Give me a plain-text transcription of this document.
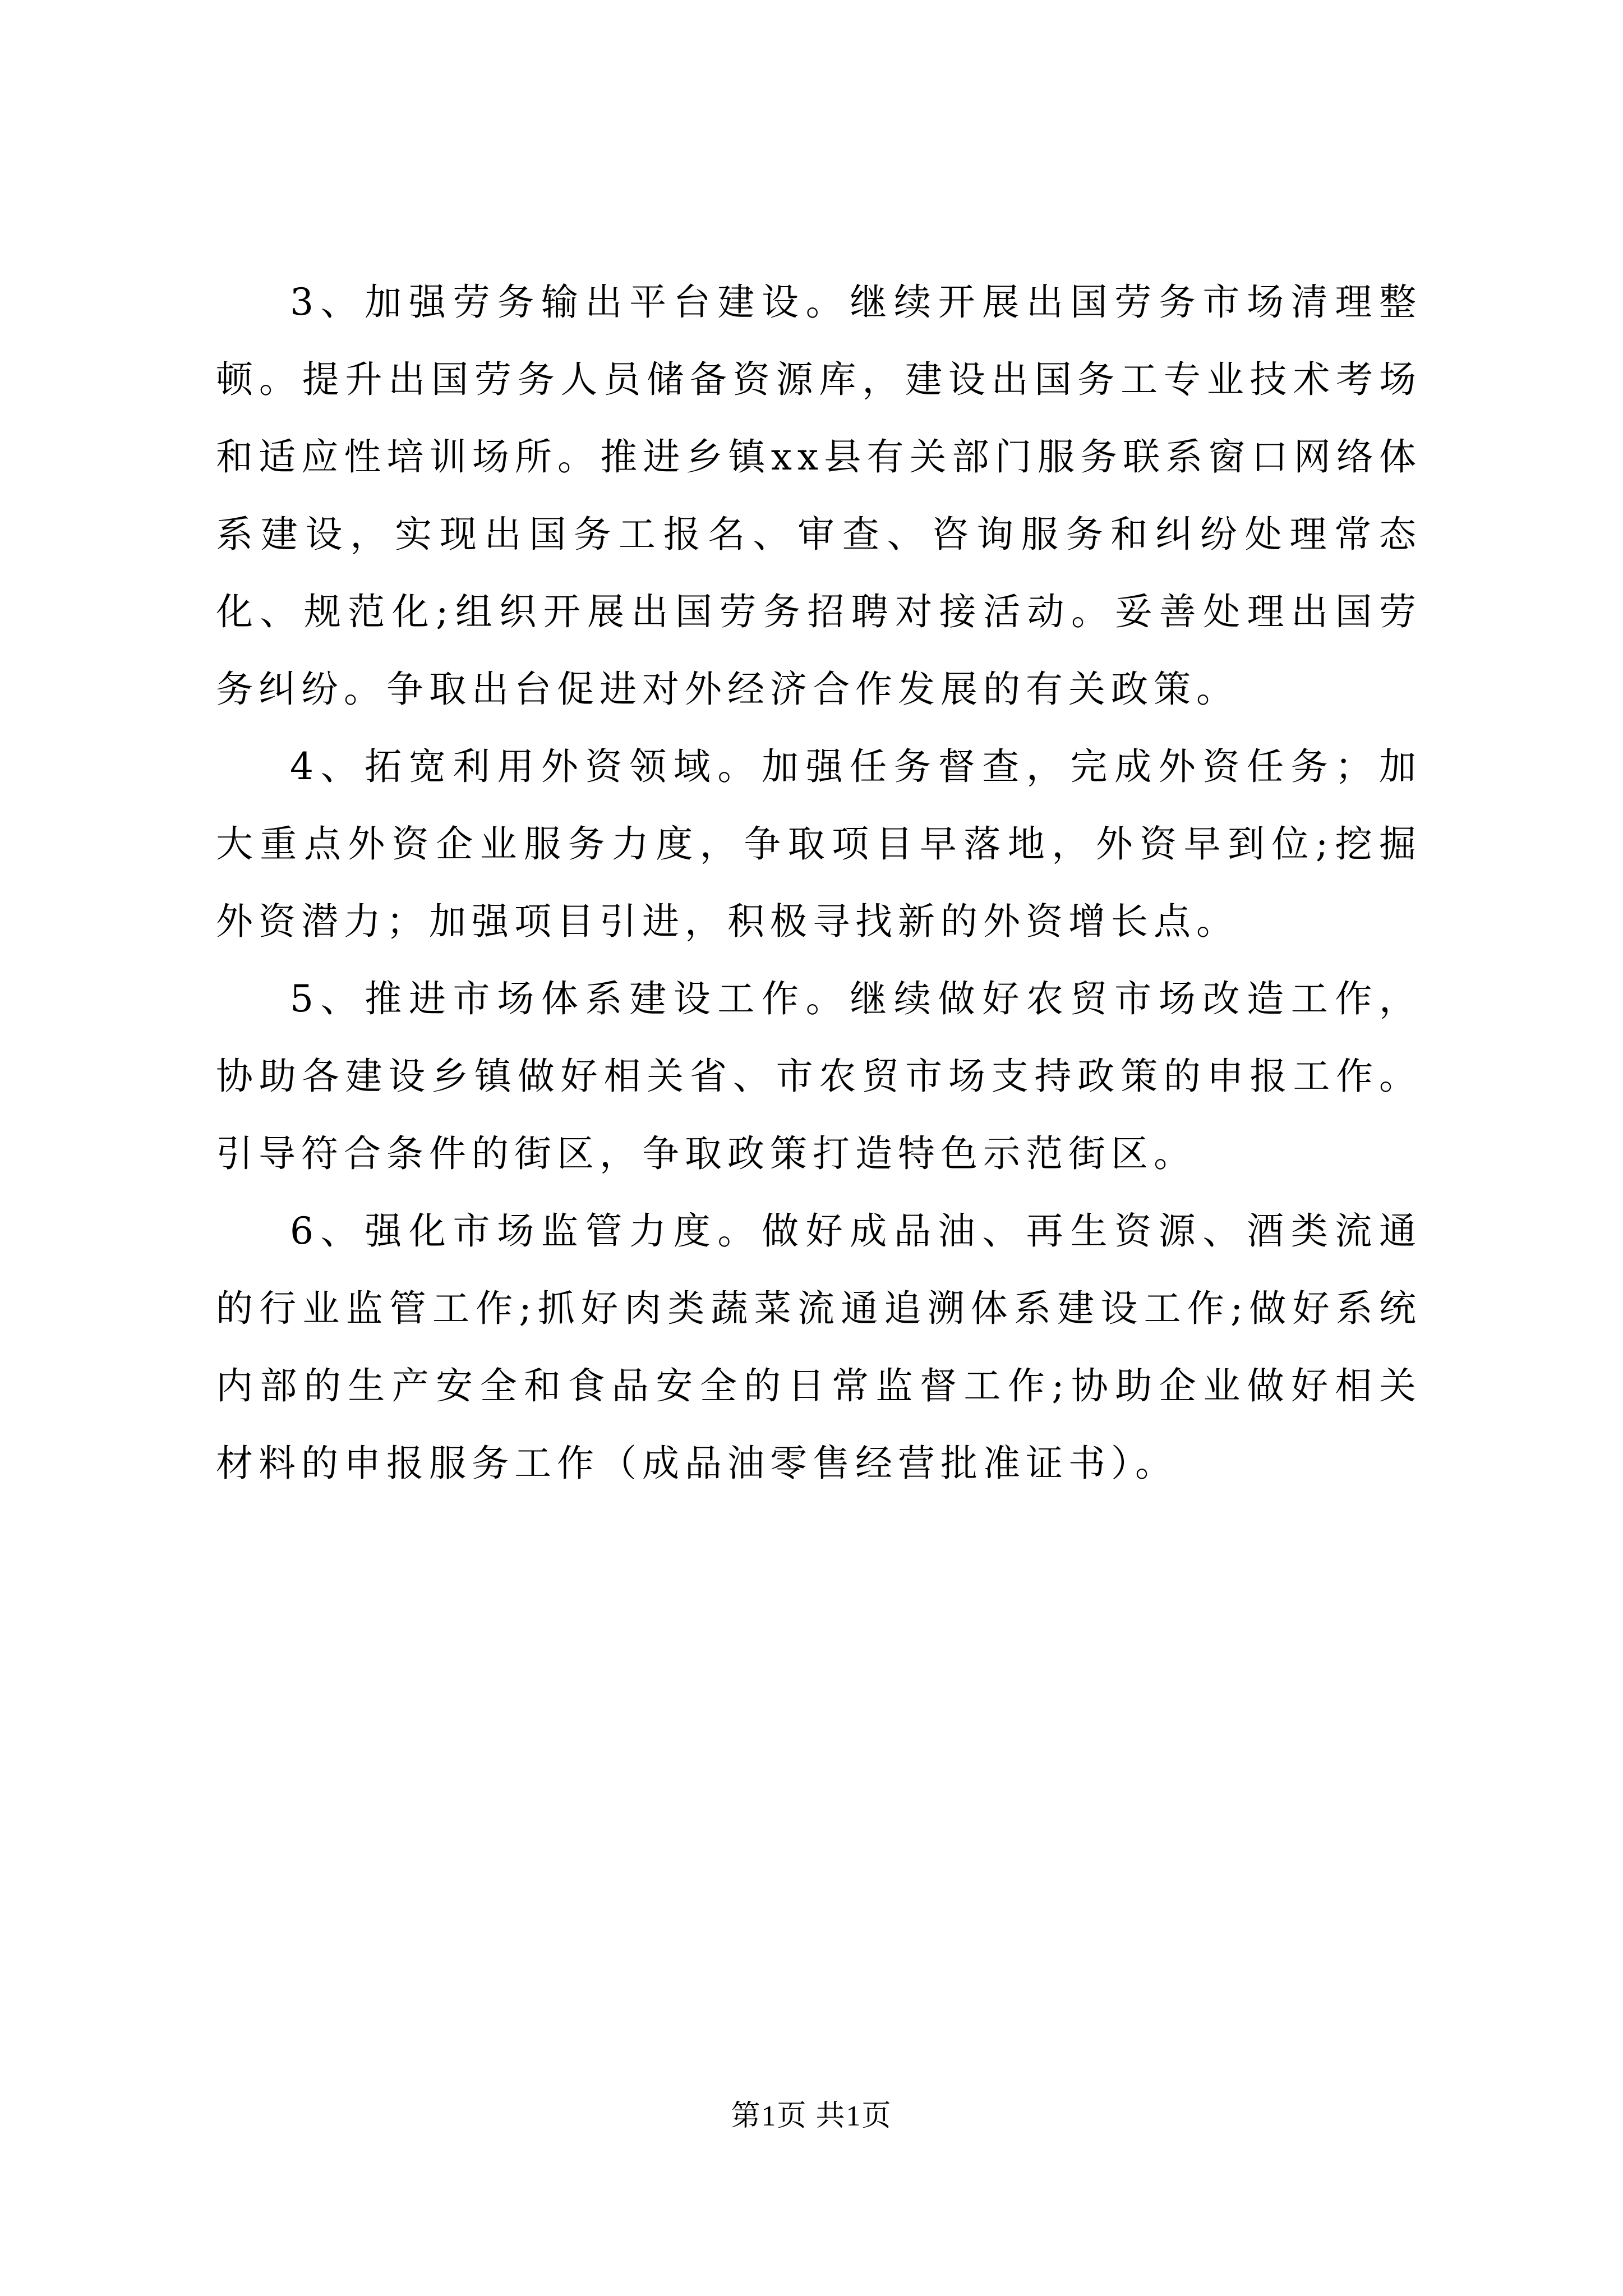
3、加强劳务输出平台建设。继续开展出国劳务市场清理整顿。提升出国劳务人员储备资源库，建设出国务工专业技术考场和适应性培训场所。推进乡镇xx县有关部门服务联系窗口网络体系建设，实现出国务工报名、审查、咨询服务和纠纷处理常态化、规范化;组织开展出国劳务招聘对接活动。妥善处理出国劳务纠纷。争取出台促进对外经济合作发展的有关政策。

4、拓宽利用外资领域。加强任务督查，完成外资任务；加大重点外资企业服务力度，争取项目早落地，外资早到位;挖掘外资潜力；加强项目引进，积极寻找新的外资增长点。

5、推进市场体系建设工作。继续做好农贸市场改造工作，协助各建设乡镇做好相关省、市农贸市场支持政策的申报工作。引导符合条件的街区，争取政策打造特色示范街区。

6、强化市场监管力度。做好成品油、再生资源、酒类流通的行业监管工作;抓好肉类蔬菜流通追溯体系建设工作;做好系统内部的生产安全和食品安全的日常监督工作;协助企业做好相关材料的申报服务工作（成品油零售经营批准证书）。

第1页 共1页
